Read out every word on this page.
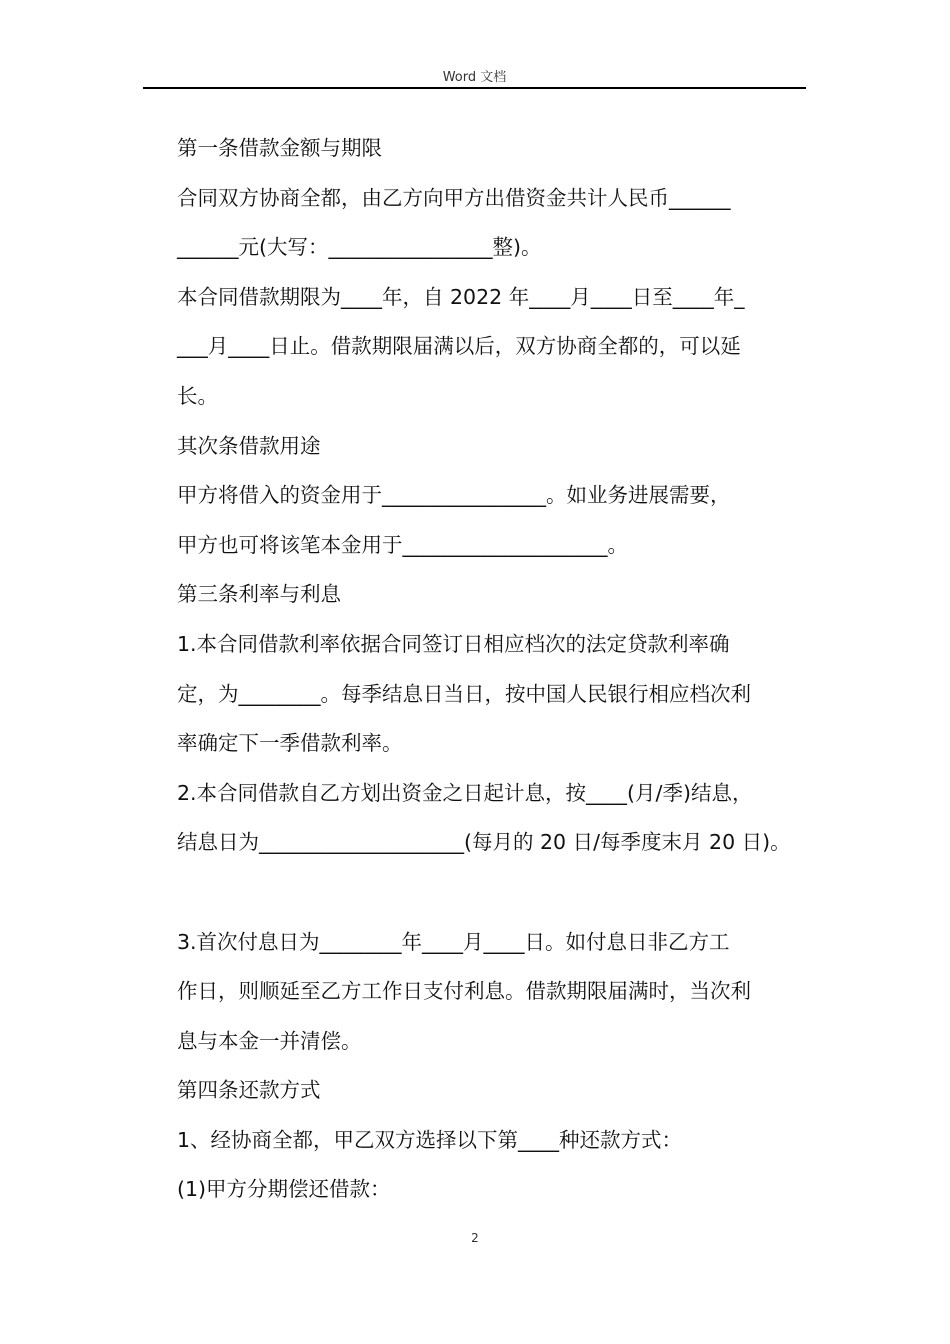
Word 文档
第一条借款金额与期限
合同双方协商全都，由乙方向甲方出借资金共计人民币______
______元(大写：________________整)。
本合同借款期限为____年，自 2022 年____月____日至____年_
___月____日止。借款期限届满以后，双方协商全都的，可以延
长。
其次条借款用途
甲方将借入的资金用于________________。如业务进展需要，
甲方也可将该笔本金用于____________________。
第三条利率与利息
1.本合同借款利率依据合同签订日相应档次的法定贷款利率确
定，为________。每季结息日当日，按中国人民银行相应档次利
率确定下一季借款利率。
2.本合同借款自乙方划出资金之日起计息，按____(月/季)结息，
结息日为____________________(每月的 20 日/每季度末月 20 日)。
3.首次付息日为________年____月____日。如付息日非乙方工
作日，则顺延至乙方工作日支付利息。借款期限届满时，当次利
息与本金一并清偿。
第四条还款方式
1、经协商全都，甲乙双方选择以下第____种还款方式：
(1)甲方分期偿还借款：
2
